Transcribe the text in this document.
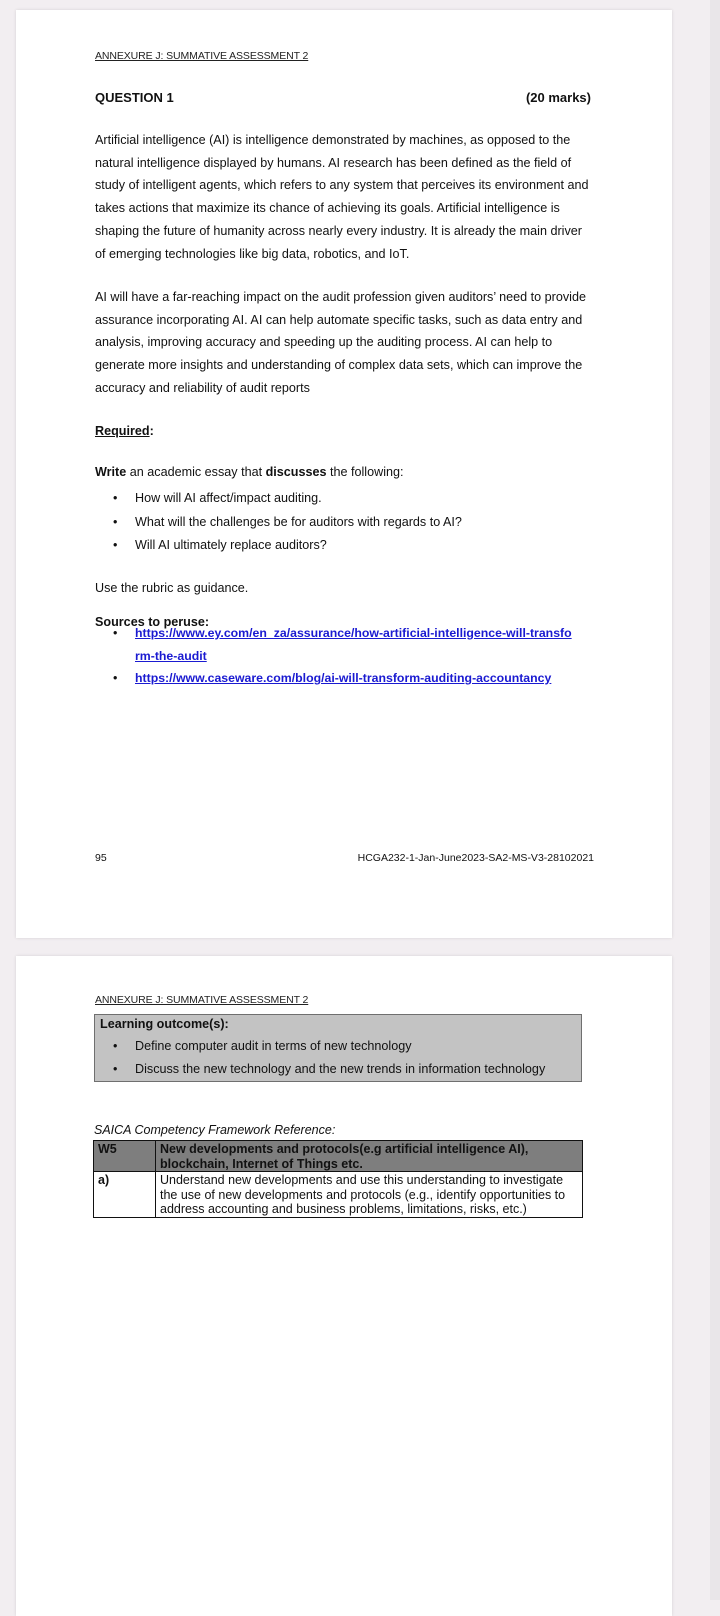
ANNEXURE J: SUMMATIVE ASSESSMENT 2
QUESTION 1	(20 marks)

Artificial intelligence (AI) is intelligence demonstrated by machines, as opposed to the natural intelligence displayed by humans. AI research has been defined as the field of study of intelligent agents, which refers to any system that perceives its environment and takes actions that maximize its chance of achieving its goals. Artificial intelligence is shaping the future of humanity across nearly every industry. It is already the main driver of emerging technologies like big data, robotics, and IoT.

AI will have a far-reaching impact on the audit profession given auditors’ need to provide assurance incorporating AI. AI can help automate specific tasks, such as data entry and analysis, improving accuracy and speeding up the auditing process. AI can help to generate more insights and understanding of complex data sets, which can improve the accuracy and reliability of audit reports

Required:
Write an academic essay that discusses the following:
• How will AI affect/impact auditing.
• What will the challenges be for auditors with regards to AI?
• Will AI ultimately replace auditors?
Use the rubric as guidance.
Sources to peruse:
• https://www.ey.com/en_za/assurance/how-artificial-intelligence-will-transform-the-audit
• https://www.caseware.com/blog/ai-will-transform-auditing-accountancy
95	HCGA232-1-Jan-June2023-SA2-MS-V3-28102021
ANNEXURE J: SUMMATIVE ASSESSMENT 2
Learning outcome(s):
• Define computer audit in terms of new technology
• Discuss the new technology and the new trends in information technology
SAICA Competency Framework Reference:
W5	New developments and protocols(e.g artificial intelligence AI), blockchain, Internet of Things etc.
a)	Understand new developments and use this understanding to investigate the use of new developments and protocols (e.g., identify opportunities to address accounting and business problems, limitations, risks, etc.)
